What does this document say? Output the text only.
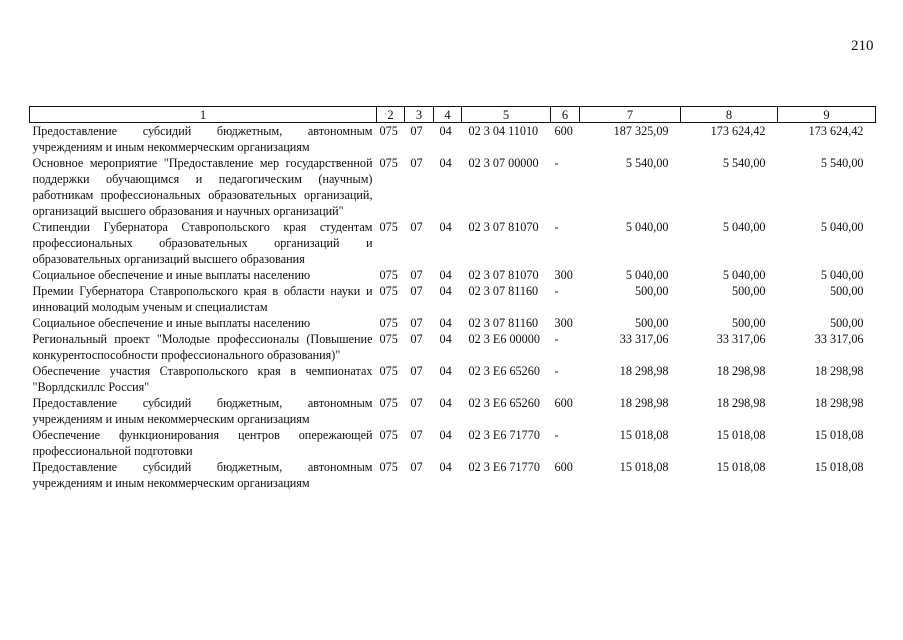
210
1	2	3	4	5	6	7	8	9
Предоставление субсидий бюджетным, автономным учреждениям и иным некоммерческим организациям	075	07	04	02 3 04 11010	600	187 325,09	173 624,42	173 624,42
Основное мероприятие "Предоставление мер государственной поддержки обучающимся и педагогическим (научным) работникам профессиональных образовательных организаций, организаций высшего образования и научных организаций"	075	07	04	02 3 07 00000	-	5 540,00	5 540,00	5 540,00
Стипендии Губернатора Ставропольского края студентам профессиональных образовательных организаций и образовательных организаций высшего образования	075	07	04	02 3 07 81070	-	5 040,00	5 040,00	5 040,00
Социальное обеспечение и иные выплаты населению	075	07	04	02 3 07 81070	300	5 040,00	5 040,00	5 040,00
Премии Губернатора Ставропольского края в области науки и инноваций молодым ученым и специалистам	075	07	04	02 3 07 81160	-	500,00	500,00	500,00
Социальное обеспечение и иные выплаты населению	075	07	04	02 3 07 81160	300	500,00	500,00	500,00
Региональный проект "Молодые профессионалы (Повышение конкурентоспособности профессионального образования)"	075	07	04	02 3 Е6 00000	-	33 317,06	33 317,06	33 317,06
Обеспечение участия Ставропольского края в чемпионатах "Ворлдскиллс Россия"	075	07	04	02 3 Е6 65260	-	18 298,98	18 298,98	18 298,98
Предоставление субсидий бюджетным, автономным учреждениям и иным некоммерческим организациям	075	07	04	02 3 Е6 65260	600	18 298,98	18 298,98	18 298,98
Обеспечение функционирования центров опережающей профессиональной подготовки	075	07	04	02 3 Е6 71770	-	15 018,08	15 018,08	15 018,08
Предоставление субсидий бюджетным, автономным учреждениям и иным некоммерческим организациям	075	07	04	02 3 Е6 71770	600	15 018,08	15 018,08	15 018,08
